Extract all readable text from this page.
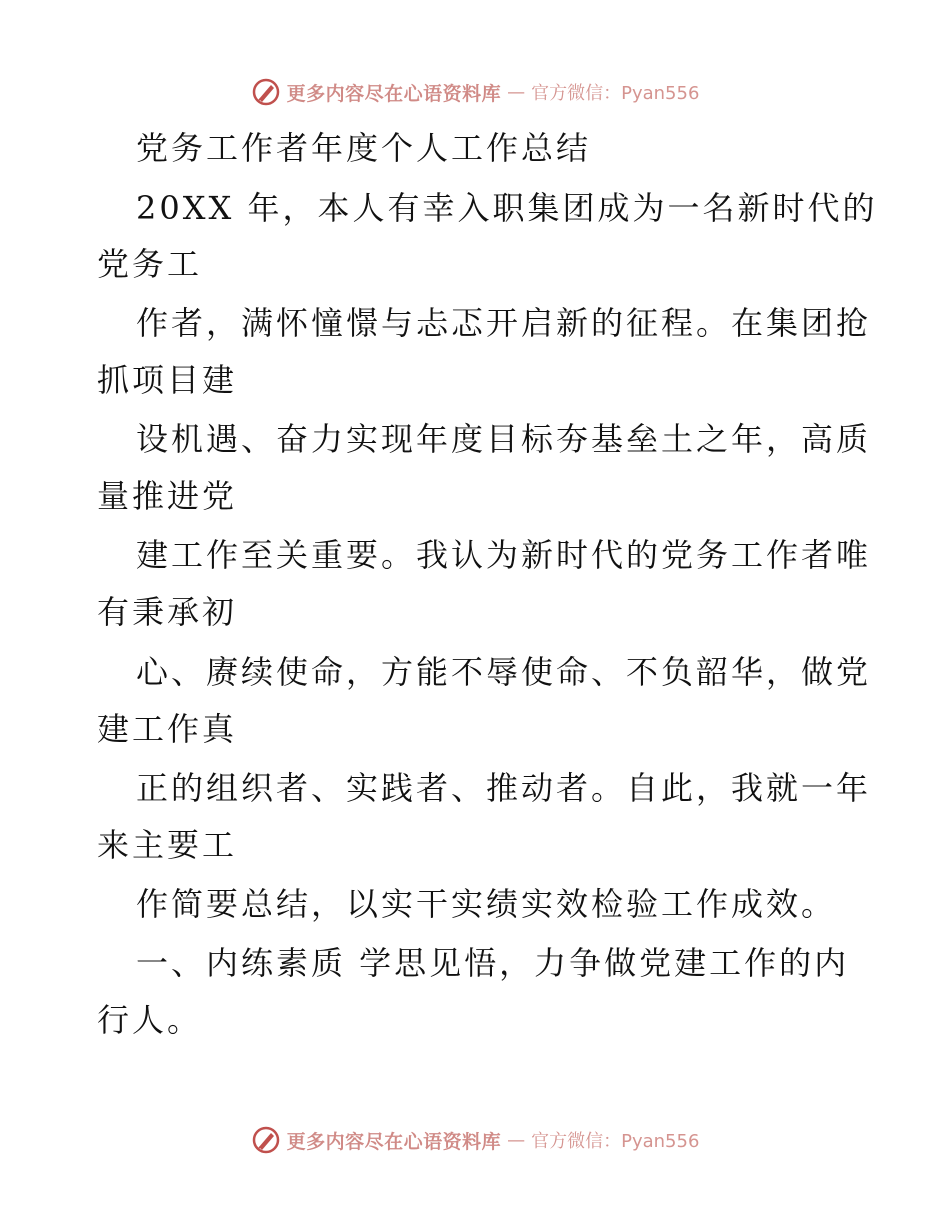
更多内容尽在心语资料库 — 官方微信：Pyan556
党务工作者年度个人工作总结
20XX 年，本人有幸入职集团成为一名新时代的
党务工
作者，满怀憧憬与忐忑开启新的征程。在集团抢
抓项目建
设机遇、奋力实现年度目标夯基垒土之年，高质
量推进党
建工作至关重要。我认为新时代的党务工作者唯
有秉承初
心、赓续使命，方能不辱使命、不负韶华，做党
建工作真
正的组织者、实践者、推动者。自此，我就一年
来主要工
作简要总结，以实干实绩实效检验工作成效。
一、内练素质 学思见悟，力争做党建工作的内
行人。
更多内容尽在心语资料库 — 官方微信：Pyan556
